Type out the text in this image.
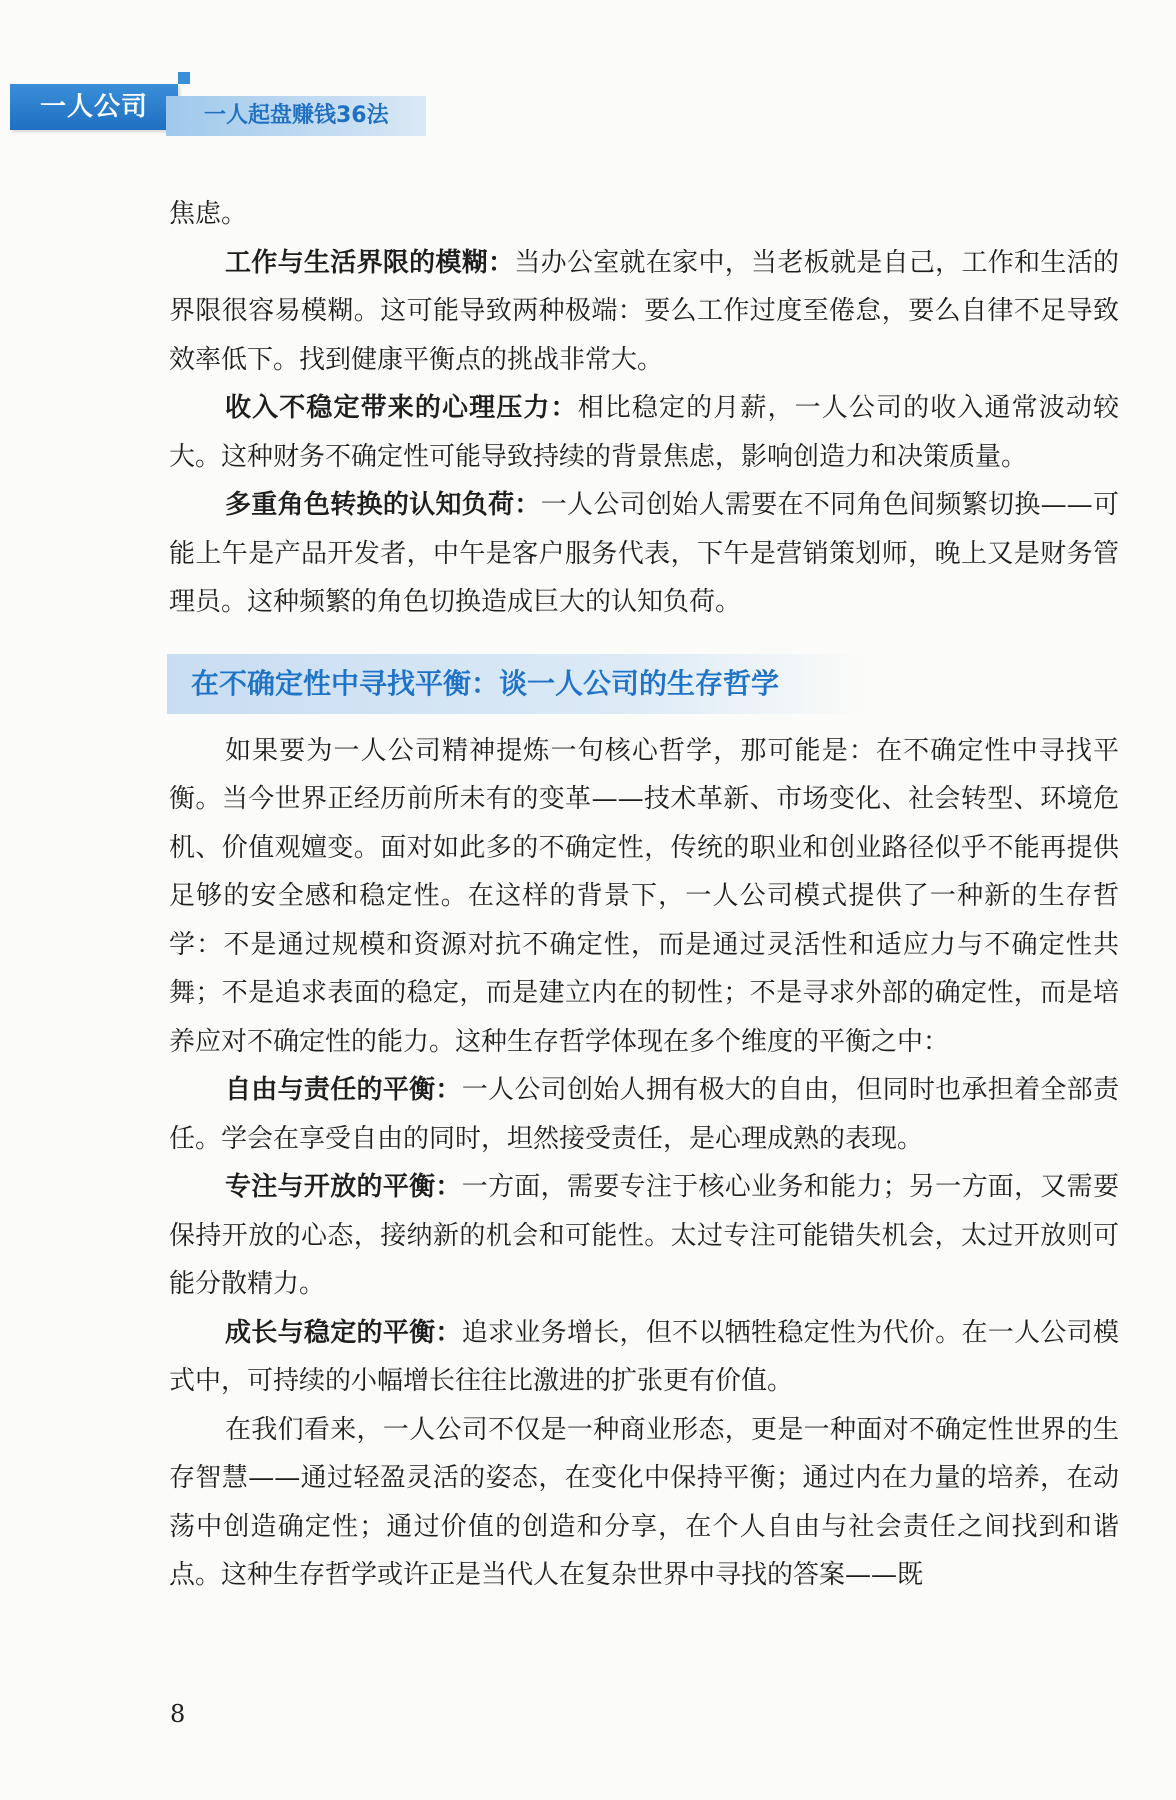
一人公司	一人起盘赚钱36法

焦虑。

工作与生活界限的模糊：当办公室就在家中，当老板就是自己，工作和生活的界限很容易模糊。这可能导致两种极端：要么工作过度至倦怠，要么自律不足导致效率低下。找到健康平衡点的挑战非常大。

收入不稳定带来的心理压力：相比稳定的月薪，一人公司的收入通常波动较大。这种财务不确定性可能导致持续的背景焦虑，影响创造力和决策质量。

多重角色转换的认知负荷：一人公司创始人需要在不同角色间频繁切换——可能上午是产品开发者，中午是客户服务代表，下午是营销策划师，晚上又是财务管理员。这种频繁的角色切换造成巨大的认知负荷。

在不确定性中寻找平衡：谈一人公司的生存哲学

如果要为一人公司精神提炼一句核心哲学，那可能是：在不确定性中寻找平衡。当今世界正经历前所未有的变革——技术革新、市场变化、社会转型、环境危机、价值观嬗变。面对如此多的不确定性，传统的职业和创业路径似乎不能再提供足够的安全感和稳定性。在这样的背景下，一人公司模式提供了一种新的生存哲学：不是通过规模和资源对抗不确定性，而是通过灵活性和适应力与不确定性共舞；不是追求表面的稳定，而是建立内在的韧性；不是寻求外部的确定性，而是培养应对不确定性的能力。这种生存哲学体现在多个维度的平衡之中：

自由与责任的平衡：一人公司创始人拥有极大的自由，但同时也承担着全部责任。学会在享受自由的同时，坦然接受责任，是心理成熟的表现。

专注与开放的平衡：一方面，需要专注于核心业务和能力；另一方面，又需要保持开放的心态，接纳新的机会和可能性。太过专注可能错失机会，太过开放则可能分散精力。

成长与稳定的平衡：追求业务增长，但不以牺牲稳定性为代价。在一人公司模式中，可持续的小幅增长往往比激进的扩张更有价值。

在我们看来，一人公司不仅是一种商业形态，更是一种面对不确定性世界的生存智慧——通过轻盈灵活的姿态，在变化中保持平衡；通过内在力量的培养，在动荡中创造确定性；通过价值的创造和分享，在个人自由与社会责任之间找到和谐点。这种生存哲学或许正是当代人在复杂世界中寻找的答案——既

8
